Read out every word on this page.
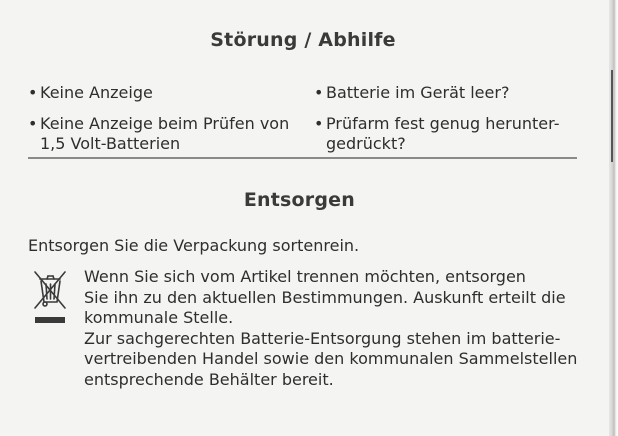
Störung / Abhilfe
• Keine Anzeige	• Batterie im Gerät leer?
• Keine Anzeige beim Prüfen von
1,5 Volt-Batterien
• Prüfarm fest genug herunter-
gedrückt?
Entsorgen
Entsorgen Sie die Verpackung sortenrein.
Wenn Sie sich vom Artikel trennen möchten, entsorgen
Sie ihn zu den aktuellen Bestimmungen. Auskunft erteilt die
kommunale Stelle.
Zur sachgerechten Batterie-Entsorgung stehen im batterie-
vertreibenden Handel sowie den kommunalen Sammelstellen
entsprechende Behälter bereit.
